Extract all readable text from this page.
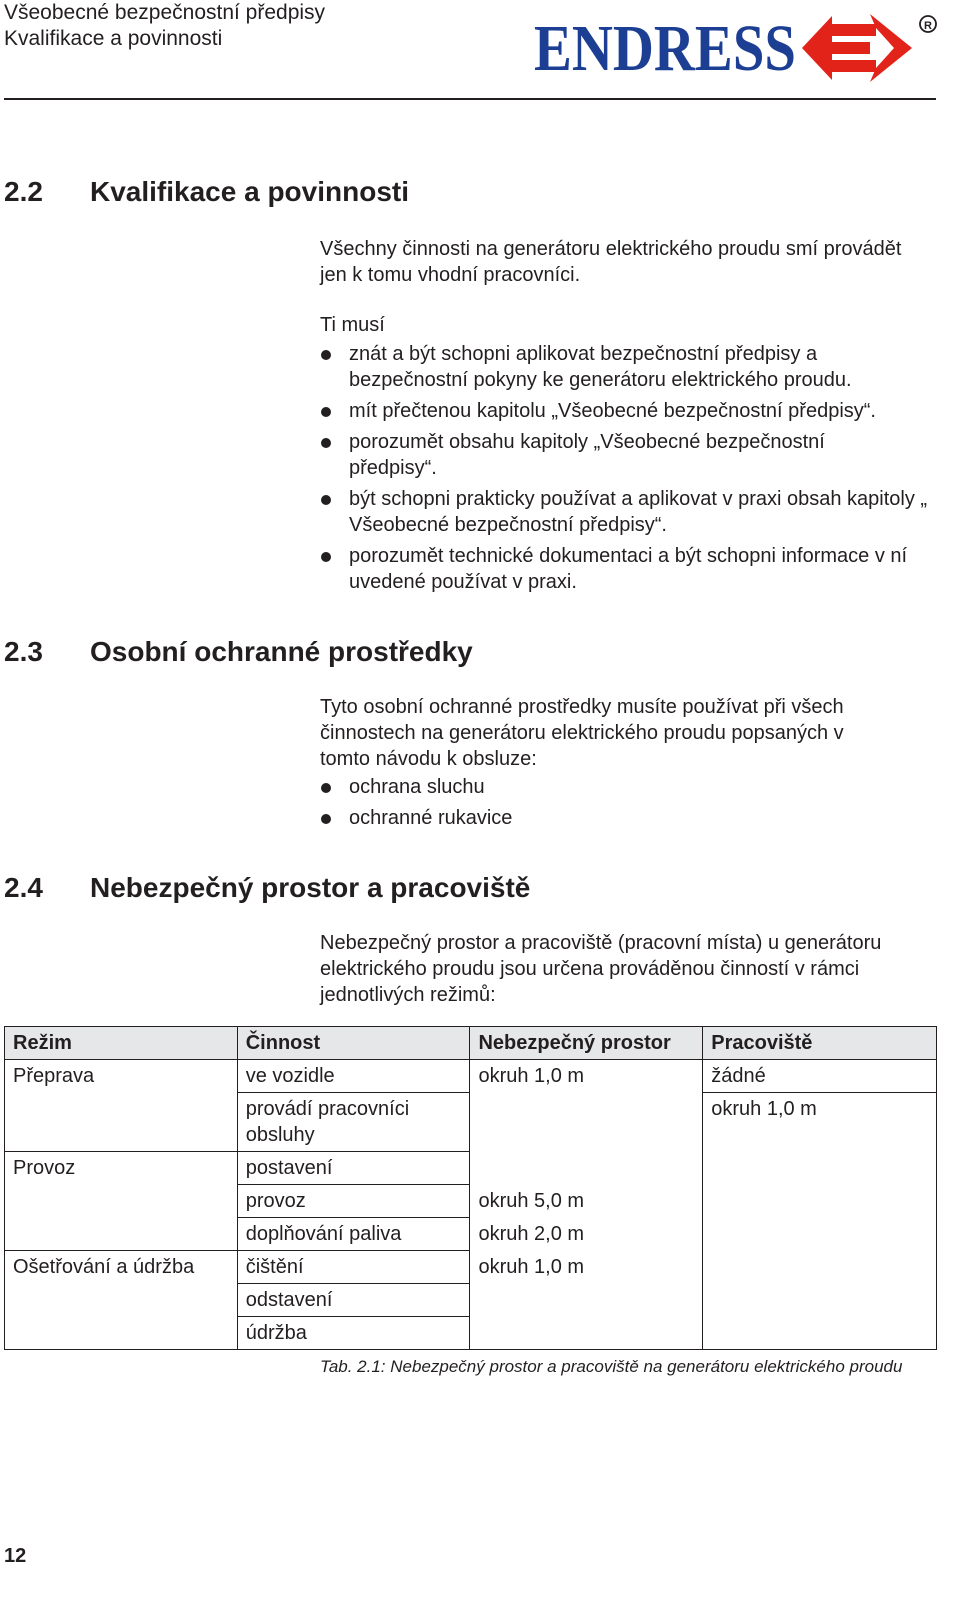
Všeobecné bezpečnostní předpisy
Kvalifikace a povinnosti	ENDRESS	R
2.2 Kvalifikace a povinnosti

Všechny činnosti na generátoru elektrického proudu smí provádět jen k tomu vhodní pracovníci.

Ti musí
znát a být schopni aplikovat bezpečnostní předpisy a bezpečnostní pokyny ke generátoru elektrického proudu.
mít přečtenou kapitolu „Všeobecné bezpečnostní předpisy“.
porozumět obsahu kapitoly „Všeobecné bezpečnostní předpisy“.
být schopni prakticky používat a aplikovat v praxi obsah kapitoly „ Všeobecné bezpečnostní předpisy“.
porozumět technické dokumentaci a být schopni informace v ní uvedené používat v praxi.
2.3 Osobní ochranné prostředky

Tyto osobní ochranné prostředky musíte používat při všech činnostech na generátoru elektrického proudu popsaných v tomto návodu k obsluze:

ochrana sluchu
ochranné rukavice
2.4 Nebezpečný prostor a pracoviště

Nebezpečný prostor a pracoviště (pracovní místa) u generátoru elektrického proudu jsou určena prováděnou činností v rámci jednotlivých režimů:

Režim	Činnost	Nebezpečný prostor	Pracoviště
Přeprava	ve vozidle	okruh 1,0 m	žádné
	provádí pracovníci obsluhy		okruh 1,0 m
Provoz	postavení		
	provoz	okruh 5,0 m	
	doplňování paliva	okruh 2,0 m	
Ošetřování a údržba	čištění	okruh 1,0 m	
	odstavení		
	údržba		
Tab. 2.1: Nebezpečný prostor a pracoviště na generátoru elektrického proudu
12
